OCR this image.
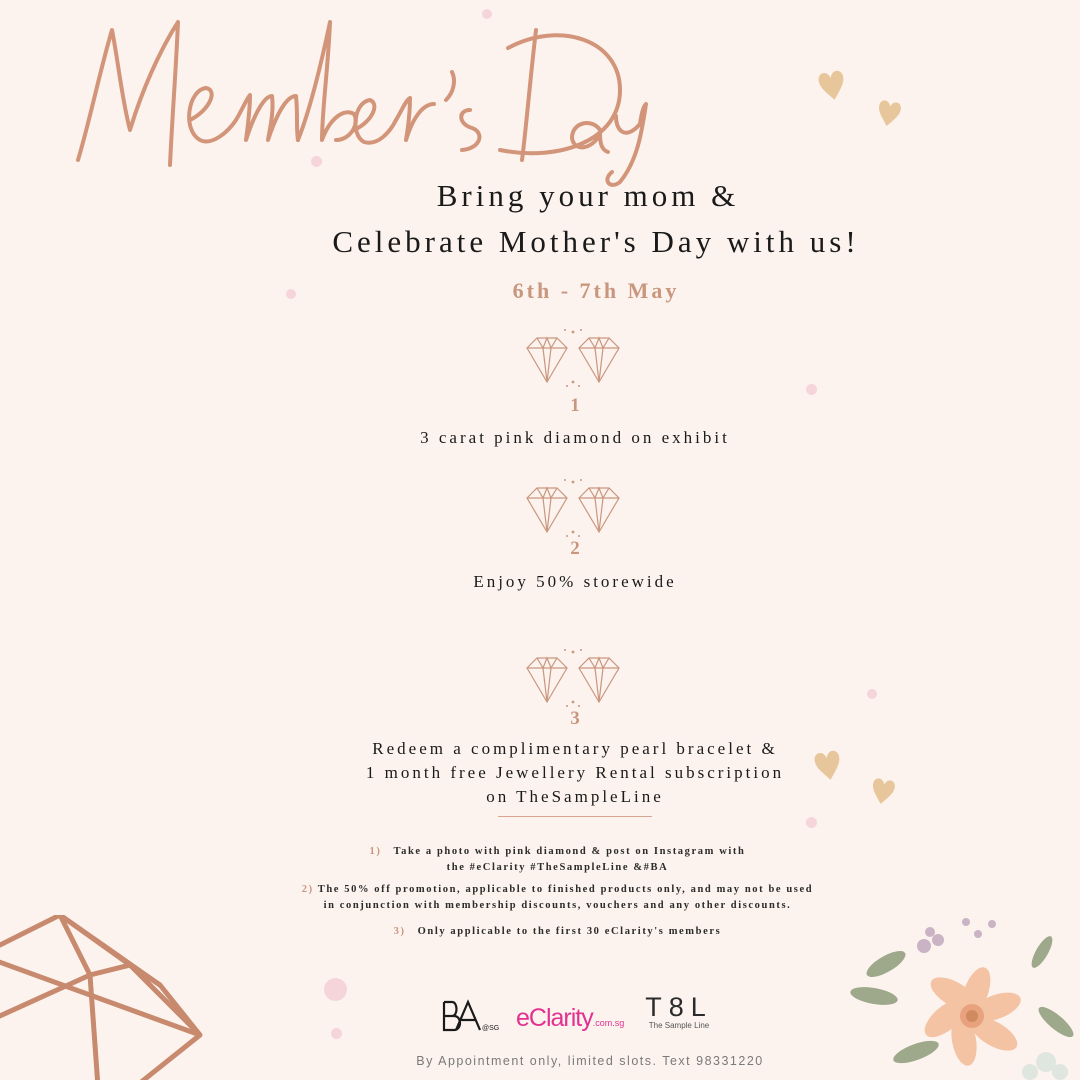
Bring your mom &
Celebrate Mother's Day with us!
6th - 7th May
1
3 carat pink diamond on exhibit
2
Enjoy 50% storewide
3
Redeem a complimentary pearl bracelet &
1 month free Jewellery Rental subscription
on TheSampleLine
1) Take a photo with pink diamond & post on Instagram with
the #eClarity #TheSampleLine &#BA
2) The 50% off promotion, applicable to finished products only, and may not be used
in conjunction with membership discounts, vouchers and any other discounts.
3) Only applicable to the first 30 eClarity's members
@SG eClarity.com.sg
T8L
The Sample Line
By Appointment only, limited slots. Text 98331220
